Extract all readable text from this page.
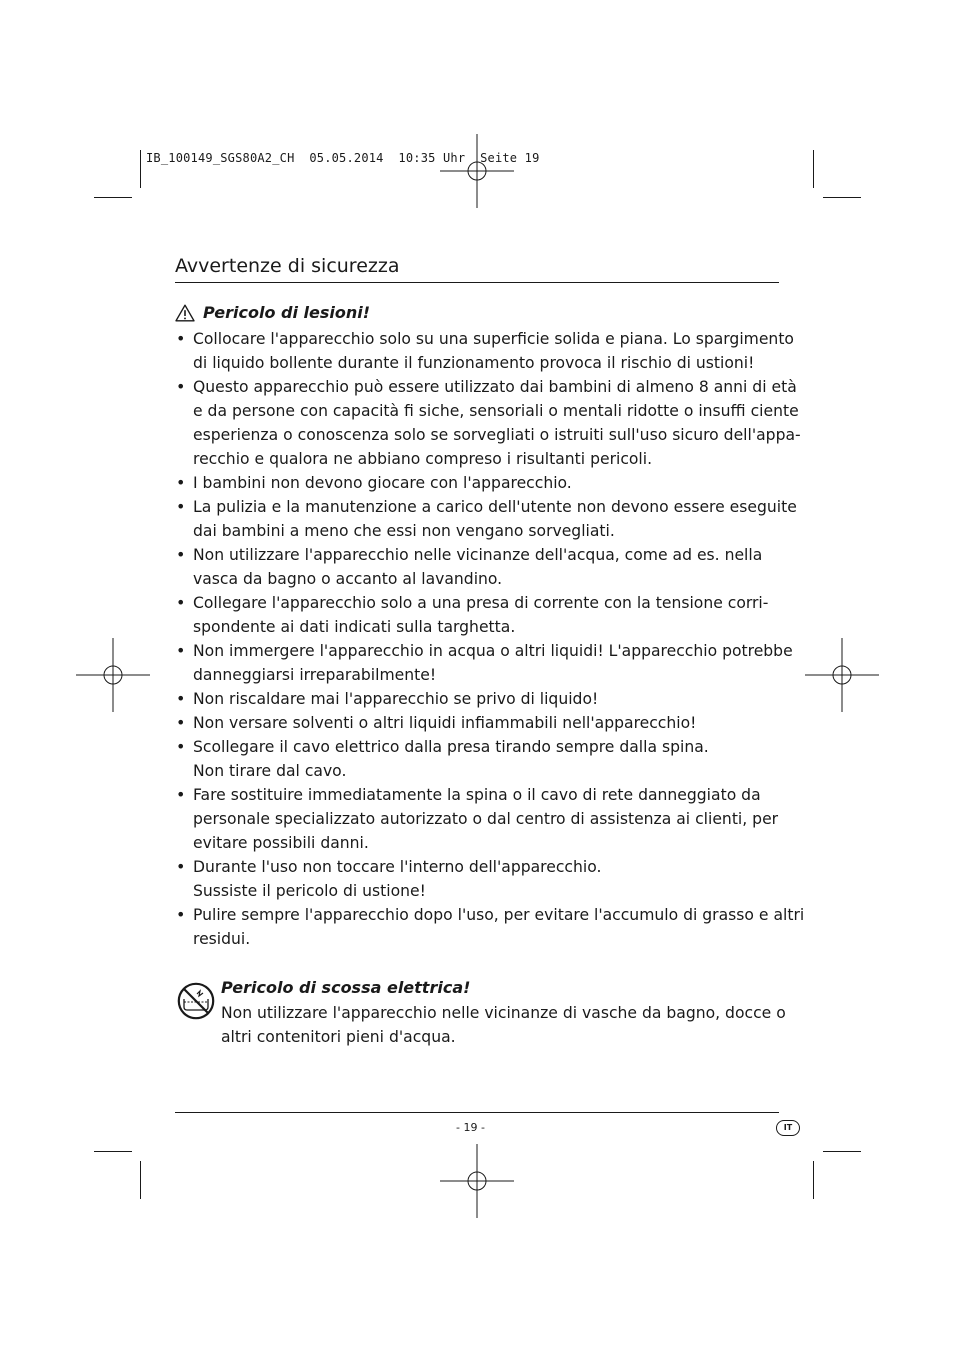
IB_100149_SGS80A2_CH  05.05.2014  10:35 Uhr  Seite 19
Avvertenze di sicurezza
Pericolo di lesioni!
• Collocare l'apparecchio solo su una superficie solida e piana. Lo spargimento
di liquido bollente durante il funzionamento provoca il rischio di ustioni!
• Questo apparecchio può essere utilizzato dai bambini di almeno 8 anni di età
e da persone con capacità fi siche, sensoriali o mentali ridotte o insuffi ciente
esperienza o conoscenza solo se sorvegliati o istruiti sull'uso sicuro dell'appa-
recchio e qualora ne abbiano compreso i risultanti pericoli.
• I bambini non devono giocare con l'apparecchio.
• La pulizia e la manutenzione a carico dell'utente non devono essere eseguite
dai bambini a meno che essi non vengano sorvegliati.
• Non utilizzare l'apparecchio nelle vicinanze dell'acqua, come ad es. nella
vasca da bagno o accanto al lavandino.
• Collegare l'apparecchio solo a una presa di corrente con la tensione corri-
spondente ai dati indicati sulla targhetta.
• Non immergere l'apparecchio in acqua o altri liquidi! L'apparecchio potrebbe
danneggiarsi irreparabilmente!
• Non riscaldare mai l'apparecchio se privo di liquido!
• Non versare solventi o altri liquidi infiammabili nell'apparecchio!
• Scollegare il cavo elettrico dalla presa tirando sempre dalla spina.
Non tirare dal cavo.
• Fare sostituire immediatamente la spina o il cavo di rete danneggiato da
personale specializzato autorizzato o dal centro di assistenza ai clienti, per
evitare possibili danni.
• Durante l'uso non toccare l'interno dell'apparecchio.
Sussiste il pericolo di ustione!
• Pulire sempre l'apparecchio dopo l'uso, per evitare l'accumulo di grasso e altri
residui.
Pericolo di scossa elettrica!
Non utilizzare l'apparecchio nelle vicinanze di vasche da bagno, docce o
altri contenitori pieni d'acqua.
- 19 -	IT
